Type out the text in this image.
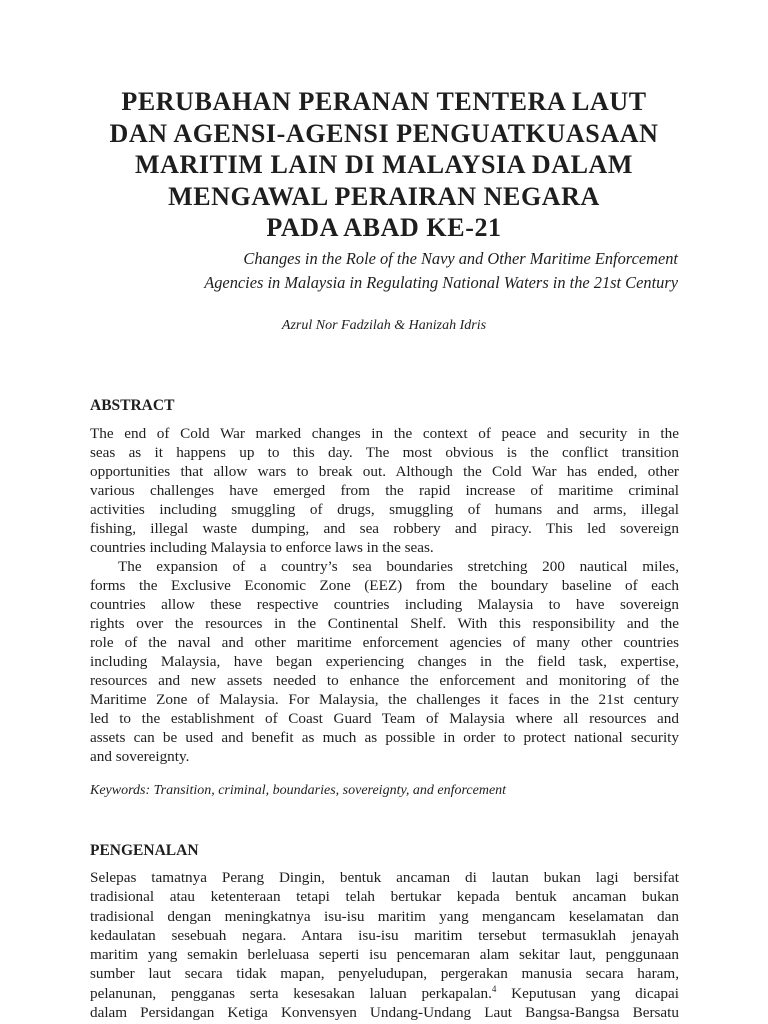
PERUBAHAN PERANAN TENTERA LAUT

DAN AGENSI-AGENSI PENGUATKUASAAN

MARITIM LAIN DI MALAYSIA DALAM

MENGAWAL PERAIRAN NEGARA

PADA ABAD KE-21

Changes in the Role of the Navy and Other Maritime Enforcement

Agencies in Malaysia in Regulating National Waters in the 21st Century

Azrul Nor Fadzilah & Hanizah Idris
ABSTRACT

The end of Cold War marked changes in the context of peace and security in the
seas as it happens up to this day. The most obvious is the conflict transition
opportunities that allow wars to break out. Although the Cold War has ended, other
various challenges have emerged from the rapid increase of maritime criminal
activities including smuggling of drugs, smuggling of humans and arms, illegal
fishing, illegal waste dumping, and sea robbery and piracy. This led sovereign
countries including Malaysia to enforce laws in the seas.

The expansion of a country’s sea boundaries stretching 200 nautical miles,
forms the Exclusive Economic Zone (EEZ) from the boundary baseline of each
countries allow these respective countries including Malaysia to have sovereign
rights over the resources in the Continental Shelf. With this responsibility and the
role of the naval and other maritime enforcement agencies of many other countries
including Malaysia, have began experiencing changes in the field task, expertise,
resources and new assets needed to enhance the enforcement and monitoring of the
Maritime Zone of Malaysia. For Malaysia, the challenges it faces in the 21st century
led to the establishment of Coast Guard Team of Malaysia where all resources and
assets can be used and benefit as much as possible in order to protect national security
and sovereignty.

Keywords: Transition, criminal, boundaries, sovereignty, and enforcement
PENGENALAN

Selepas tamatnya Perang Dingin, bentuk ancaman di lautan bukan lagi bersifat
tradisional atau ketenteraan tetapi telah bertukar kepada bentuk ancaman bukan
tradisional dengan meningkatnya isu-isu maritim yang mengancam keselamatan dan
kedaulatan sesebuah negara. Antara isu-isu maritim tersebut termasuklah jenayah
maritim yang semakin berleluasa seperti isu pencemaran alam sekitar laut, penggunaan
sumber laut secara tidak mapan, penyeludupan, pergerakan manusia secara haram,
pelanunan, pengganas serta kesesakan laluan perkapalan.$^4$ Keputusan yang dicapai
dalam Persidangan Ketiga Konvensyen Undang-Undang Laut Bangsa-Bangsa Bersatu
